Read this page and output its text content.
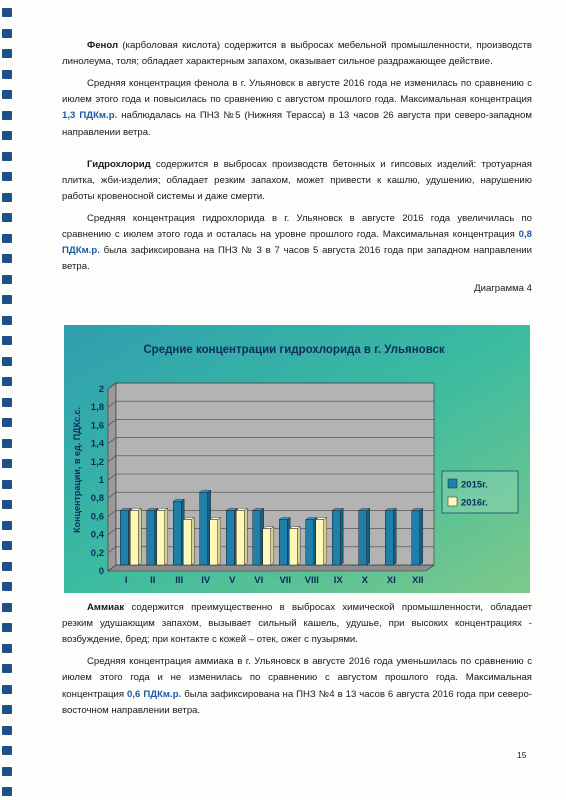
Фенол (карболовая кислота) содержится в выбросах мебельной промышленности, производств линолеума, толя; обладает характерным запахом, оказывает сильное раздражающее действие.

Средняя концентрация фенола в г. Ульяновск в августе 2016 года не изменилась по сравнению с июлем этого года и повысилась по сравнению с августом прошлого года. Максимальная концентрация 1,3 ПДКм.р. наблюдалась на ПНЗ №5 (Нижняя Терасса) в 13 часов 26 августа при северо-западном направлении ветра.

Гидрохлорид содержится в выбросах производств бетонных и гипсовых изделий: тротуарная плитка, жби-изделия; обладает резким запахом, может привести к кашлю, удушению, нарушению работы кровеносной системы и даже смерти.

Средняя концентрация гидрохлорида в г. Ульяновск в августе 2016 года увеличилась по сравнению с июлем этого года и осталась на уровне прошлого года. Максимальная концентрация 0,8 ПДКм.р. была зафиксирована на ПНЗ № 3 в 7 часов 5 августа 2016 года при западном направлении ветра.

Диаграмма 4
Средние концентрации гидрохлорида в г. Ульяновск
Концентрации, в ед. ПДКс.с.
0
0,2
0,4
0,6
0,8
1
1,2
1,4
1,6
1,8
2
I II III IV V VI VII VIII IX X XI XII
2015г.
2016г.

Аммиак содержится преимущественно в выбросах химической промышленности, обладает резким удушающим запахом, вызывает сильный кашель, удушье, при высоких концентрациях - возбуждение, бред; при контакте с кожей – отек, ожег с пузырями.

Средняя концентрация аммиака в г. Ульяновск в августе 2016 года уменьшилась по сравнению с июлем этого года и не изменилась по сравнению с августом прошлого года. Максимальная концентрация 0,6 ПДКм.р. была зафиксирована на ПНЗ №4 в 13 часов 6 августа 2016 года при северо-восточном направлении ветра.

15
